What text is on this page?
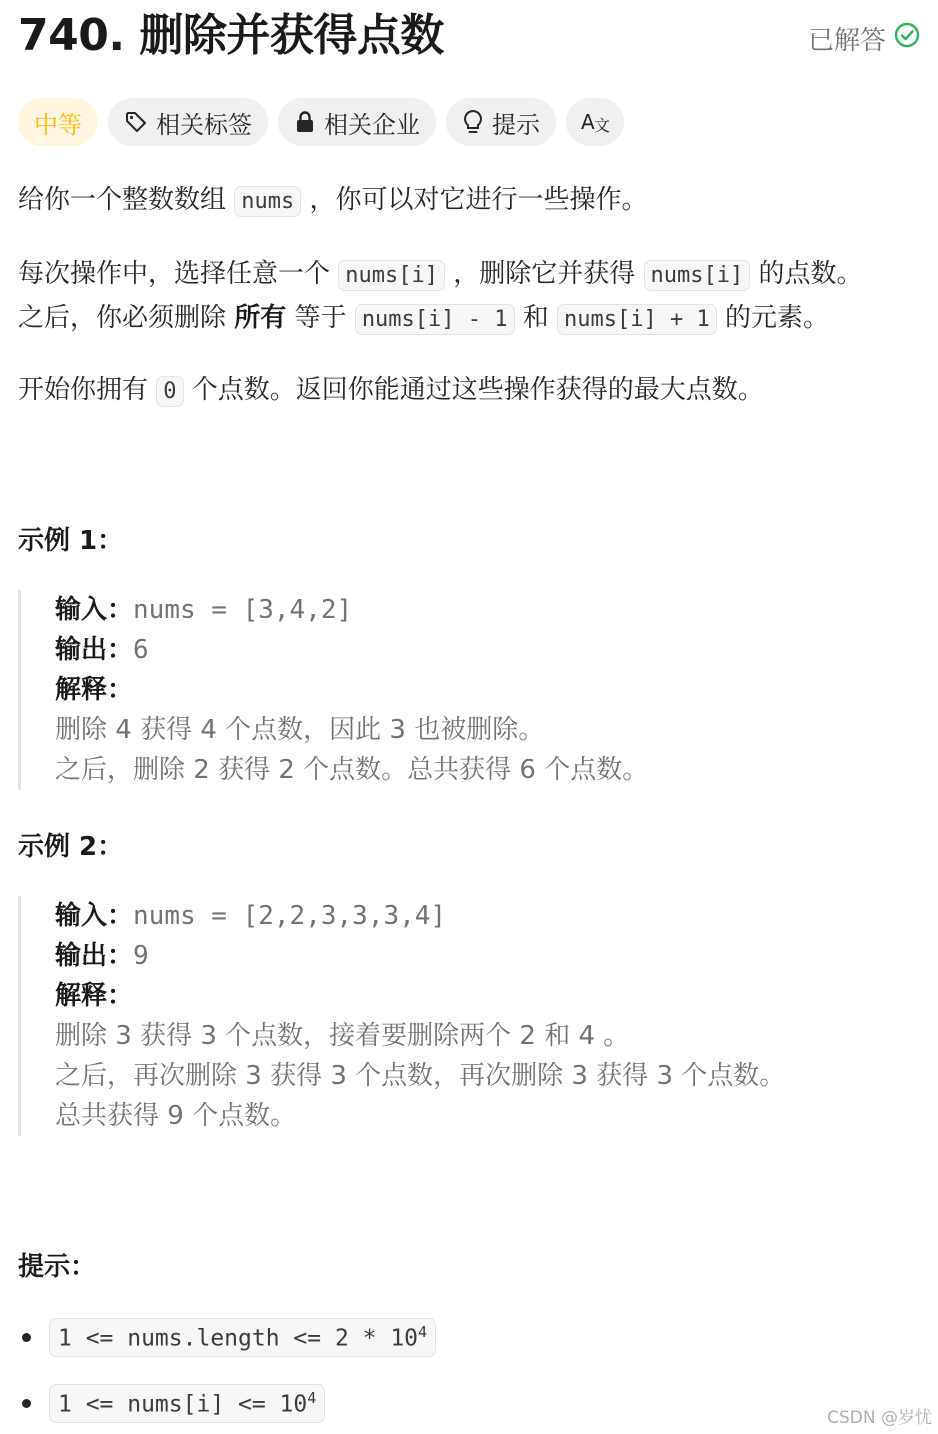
740. 删除并获得点数	已解答
中等	相关标签	相关企业	提示 A 文
给你一个整数数组 nums ，你可以对它进行一些操作。
每次操作中，选择任意一个 nums[i] ，删除它并获得 nums[i] 的点数。
之后，你必须删除 所有 等于 nums[i] - 1 和 nums[i] + 1 的元素。
开始你拥有 0 个点数。返回你能通过这些操作获得的最大点数。
示例 1：
输入：nums = [3,4,2]
输出：6
解释：
删除 4 获得 4 个点数，因此 3 也被删除。
之后，删除 2 获得 2 个点数。总共获得 6 个点数。
示例 2：
输入：nums = [2,2,3,3,3,4]
输出：9
解释：
删除 3 获得 3 个点数，接着要删除两个 2 和 4 。
之后，再次删除 3 获得 3 个点数，再次删除 3 获得 3 个点数。
总共获得 9 个点数。
提示：
1 <= nums.length <= $2 * 10^4$
1 <= nums[i] <= $10^4$
CSDN @岁忧
